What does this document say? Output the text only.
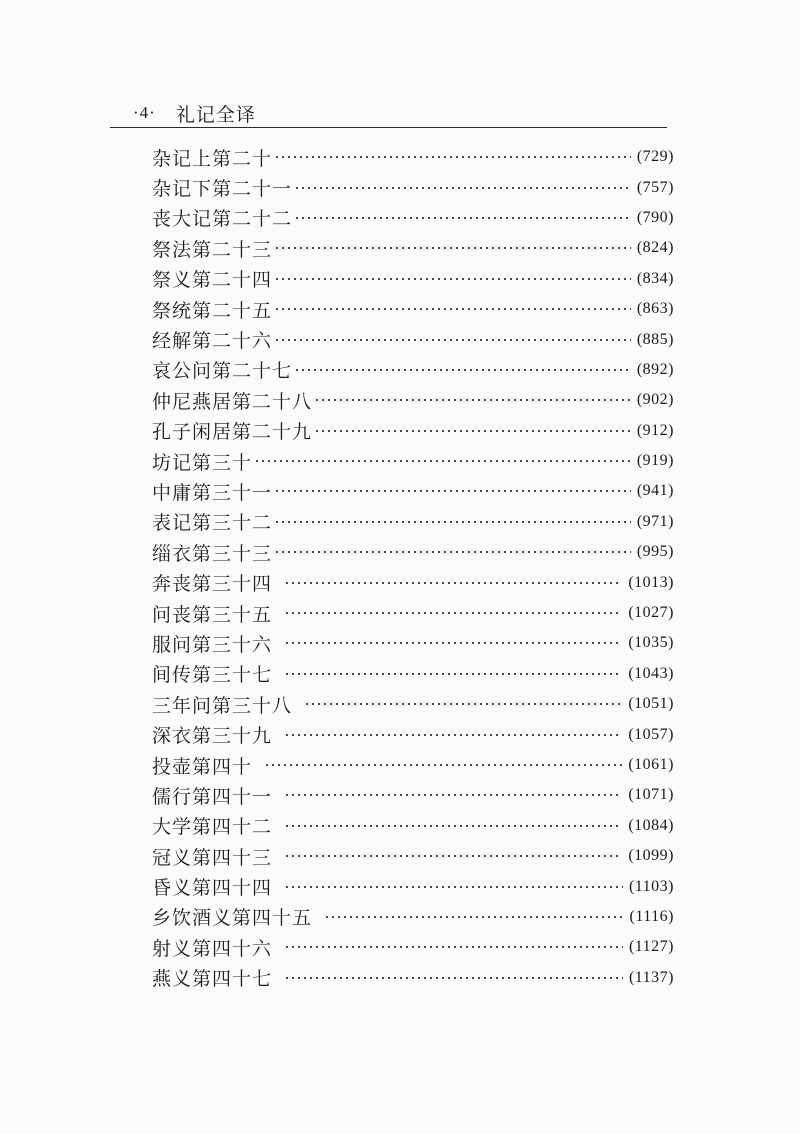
·4· 礼记全译
杂记上第二十	(729)
杂记下第二十一	(757)
丧大记第二十二	(790)
祭法第二十三	(824)
祭义第二十四	(834)
祭统第二十五	(863)
经解第二十六	(885)
哀公问第二十七	(892)
仲尼燕居第二十八	(902)
孔子闲居第二十九	(912)
坊记第三十	(919)
中庸第三十一	(941)
表记第三十二	(971)
缁衣第三十三	(995)
奔丧第三十四	(1013)
问丧第三十五	(1027)
服问第三十六	(1035)
间传第三十七	(1043)
三年问第三十八	(1051)
深衣第三十九	(1057)
投壶第四十	(1061)
儒行第四十一	(1071)
大学第四十二	(1084)
冠义第四十三	(1099)
昏义第四十四	(1103)
乡饮酒义第四十五	(1116)
射义第四十六	(1127)
燕义第四十七	(1137)
